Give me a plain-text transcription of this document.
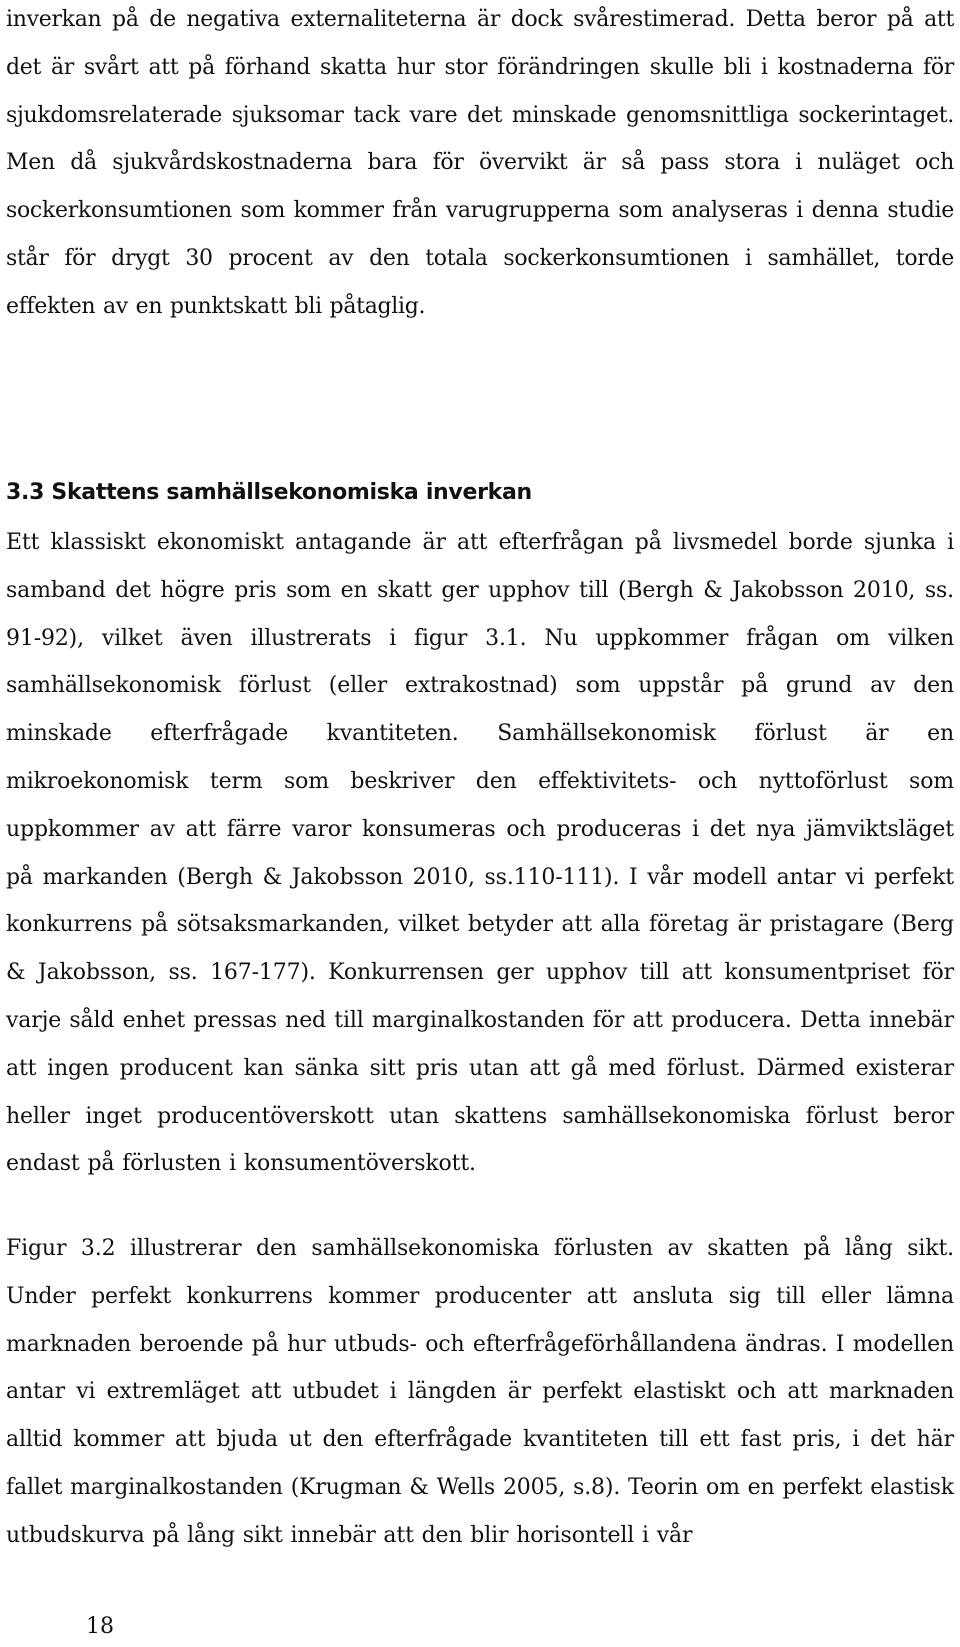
inverkan på de negativa externaliteterna är dock svårestimerad. Detta beror på att det är svårt att på förhand skatta hur stor förändringen skulle bli i kostnaderna för sjukdomsrelaterade sjuksomar tack vare det minskade genomsnittliga sockerintaget. Men då sjukvårdskostnaderna bara för övervikt är så pass stora i nuläget och sockerkonsumtionen som kommer från varugrupperna som analyseras i denna studie står för drygt 30 procent av den totala sockerkonsumtionen i samhället, torde effekten av en punktskatt bli påtaglig.

3.3 Skattens samhällsekonomiska inverkan

Ett klassiskt ekonomiskt antagande är att efterfrågan på livsmedel borde sjunka i samband det högre pris som en skatt ger upphov till (Bergh & Jakobsson 2010, ss. 91-92), vilket även illustrerats i figur 3.1. Nu uppkommer frågan om vilken samhällsekonomisk förlust (eller extrakostnad) som uppstår på grund av den minskade efterfrågade kvantiteten. Samhällsekonomisk förlust är en mikroekonomisk term som beskriver den effektivitets- och nyttoförlust som uppkommer av att färre varor konsumeras och produceras i det nya jämviktsläget på markanden (Bergh & Jakobsson 2010, ss.110-111). I vår modell antar vi perfekt konkurrens på sötsaksmarkanden, vilket betyder att alla företag är pristagare (Berg & Jakobsson, ss. 167-177). Konkurrensen ger upphov till att konsumentpriset för varje såld enhet pressas ned till marginalkostanden för att producera. Detta innebär att ingen producent kan sänka sitt pris utan att gå med förlust. Därmed existerar heller inget producentöverskott utan skattens samhällsekonomiska förlust beror endast på förlusten i konsumentöverskott.

Figur 3.2 illustrerar den samhällsekonomiska förlusten av skatten på lång sikt. Under perfekt konkurrens kommer producenter att ansluta sig till eller lämna marknaden beroende på hur utbuds- och efterfrågeförhållandena ändras. I modellen antar vi extremläget att utbudet i längden är perfekt elastiskt och att marknaden alltid kommer att bjuda ut den efterfrågade kvantiteten till ett fast pris, i det här fallet marginalkostanden (Krugman & Wells 2005, s.8). Teorin om en perfekt elastisk utbudskurva på lång sikt innebär att den blir horisontell i vår

18
